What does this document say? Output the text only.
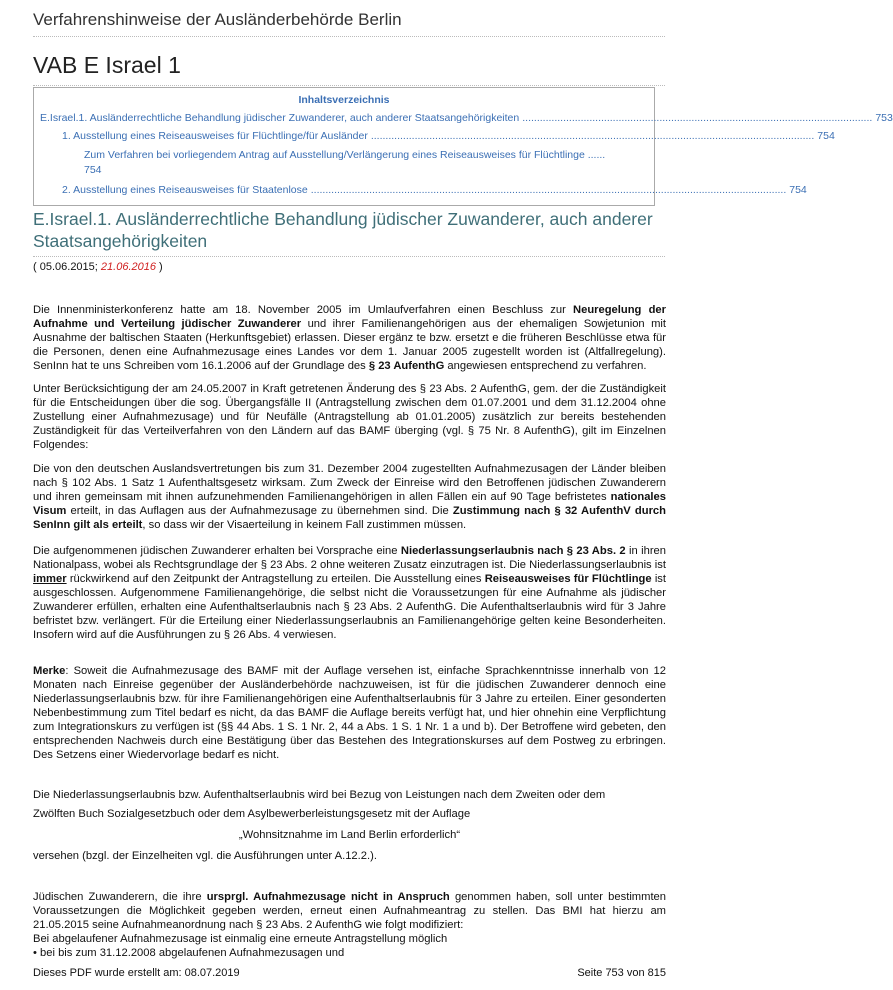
Verfahrenshinweise der Ausländerbehörde Berlin
VAB E Israel 1
Inhaltsverzeichnis
E.Israel.1. Ausländerrechtliche Behandlung jüdischer Zuwanderer, auch anderer Staatsangehörigkeiten ........................................................................................................................ 753
1. Ausstellung eines Reiseausweises für Flüchtlinge/für Ausländer ........................................................................................................................................................ 754
Zum Verfahren bei vorliegendem Antrag auf Ausstellung/Verlängerung eines Reiseausweises für Flüchtlinge ......
754
2. Ausstellung eines Reiseausweises für Staatenlose ................................................................................................................................................................... 754
E.Israel.1. Ausländerrechtliche Behandlung jüdischer Zuwanderer, auch anderer Staatsangehörigkeiten
( 05.06.2015; 21.06.2016 )

Die Innenministerkonferenz hatte am 18. November 2005 im Umlaufverfahren einen Beschluss zur Neuregelung der Aufnahme und Verteilung jüdischer Zuwanderer und ihrer Familienangehörigen aus der ehemaligen Sowjetunion mit Ausnahme der baltischen Staaten (Herkunftsgebiet) erlassen. Dieser ergänz te bzw. ersetzt e die früheren Beschlüsse etwa für die Personen, denen eine Aufnahmezusage eines Landes vor dem 1. Januar 2005 zugestellt worden ist (Altfallregelung). SenInn hat te uns Schreiben vom 16.1.2006 auf der Grundlage des § 23 AufenthG angewiesen entsprechend zu verfahren.

Unter Berücksichtigung der am 24.05.2007 in Kraft getretenen Änderung des § 23 Abs. 2 AufenthG, gem. der die Zuständigkeit für die Entscheidungen über die sog. Übergangsfälle II (Antragstellung zwischen dem 01.07.2001 und dem 31.12.2004 ohne Zustellung einer Aufnahmezusage) und für Neufälle (Antragstellung ab 01.01.2005) zusätzlich zur bereits bestehenden Zuständigkeit für das Verteilverfahren von den Ländern auf das BAMF überging (vgl. § 75 Nr. 8 AufenthG), gilt im Einzelnen Folgendes:

Die von den deutschen Auslandsvertretungen bis zum 31. Dezember 2004 zugestellten Aufnahmezusagen der Länder bleiben nach § 102 Abs. 1 Satz 1 Aufenthaltsgesetz wirksam. Zum Zweck der Einreise wird den Betroffenen jüdischen Zuwanderern und ihren gemeinsam mit ihnen aufzunehmenden Familienangehörigen in allen Fällen ein auf 90 Tage befristetes nationales Visum erteilt, in das Auflagen aus der Aufnahmezusage zu übernehmen sind. Die Zustimmung nach § 32 AufenthV durch SenInn gilt als erteilt, so dass wir der Visaerteilung in keinem Fall zustimmen müssen.

Die aufgenommenen jüdischen Zuwanderer erhalten bei Vorsprache eine Niederlassungserlaubnis nach § 23 Abs. 2 in ihren Nationalpass, wobei als Rechtsgrundlage der § 23 Abs. 2 ohne weiteren Zusatz einzutragen ist. Die Niederlassungserlaubnis ist immer rückwirkend auf den Zeitpunkt der Antragstellung zu erteilen. Die Ausstellung eines Reiseausweises für Flüchtlinge ist ausgeschlossen. Aufgenommene Familienangehörige, die selbst nicht die Voraussetzungen für eine Aufnahme als jüdischer Zuwanderer erfüllen, erhalten eine Aufenthaltserlaubnis nach § 23 Abs. 2 AufenthG. Die Aufenthaltserlaubnis wird für 3 Jahre befristet bzw. verlängert. Für die Erteilung einer Niederlassungserlaubnis an Familienangehörige gelten keine Besonderheiten. Insofern wird auf die Ausführungen zu § 26 Abs. 4 verwiesen.

Merke: Soweit die Aufnahmezusage des BAMF mit der Auflage versehen ist, einfache Sprachkenntnisse innerhalb von 12 Monaten nach Einreise gegenüber der Ausländerbehörde nachzuweisen, ist für die jüdischen Zuwanderer dennoch eine Niederlassungserlaubnis bzw. für ihre Familienangehörigen eine Aufenthaltserlaubnis für 3 Jahre zu erteilen. Einer gesonderten Nebenbestimmung zum Titel bedarf es nicht, da das BAMF die Auflage bereits verfügt hat, und hier ohnehin eine Verpflichtung zum Integrationskurs zu verfügen ist (§§ 44 Abs. 1 S. 1 Nr. 2, 44 a Abs. 1 S. 1 Nr. 1 a und b). Der Betroffene wird gebeten, den entsprechenden Nachweis durch eine Bestätigung über das Bestehen des Integrationskurses auf dem Postweg zu erbringen. Des Setzens einer Wiedervorlage bedarf es nicht.

Die Niederlassungserlaubnis bzw. Aufenthaltserlaubnis wird bei Bezug von Leistungen nach dem Zweiten oder dem Zwölften Buch Sozialgesetzbuch oder dem Asylbewerberleistungsgesetz mit der Auflage

„Wohnsitznahme im Land Berlin erforderlich“
versehen (bzgl. der Einzelheiten vgl. die Ausführungen unter A.12.2.).

Jüdischen Zuwanderern, die ihre ursprgl. Aufnahmezusage nicht in Anspruch genommen haben, soll unter bestimmten Voraussetzungen die Möglichkeit gegeben werden, erneut einen Aufnahmeantrag zu stellen. Das BMI hat hierzu am 21.05.2015 seine Aufnahmeanordnung nach § 23 Abs. 2 AufenthG wie folgt modifiziert:

Bei abgelaufener Aufnahmezusage ist einmalig eine erneute Antragstellung möglich

• bei bis zum 31.12.2008 abgelaufenen Aufnahmezusagen und

Dieses PDF wurde erstellt am: 08.07.2019	Seite 753 von 815
